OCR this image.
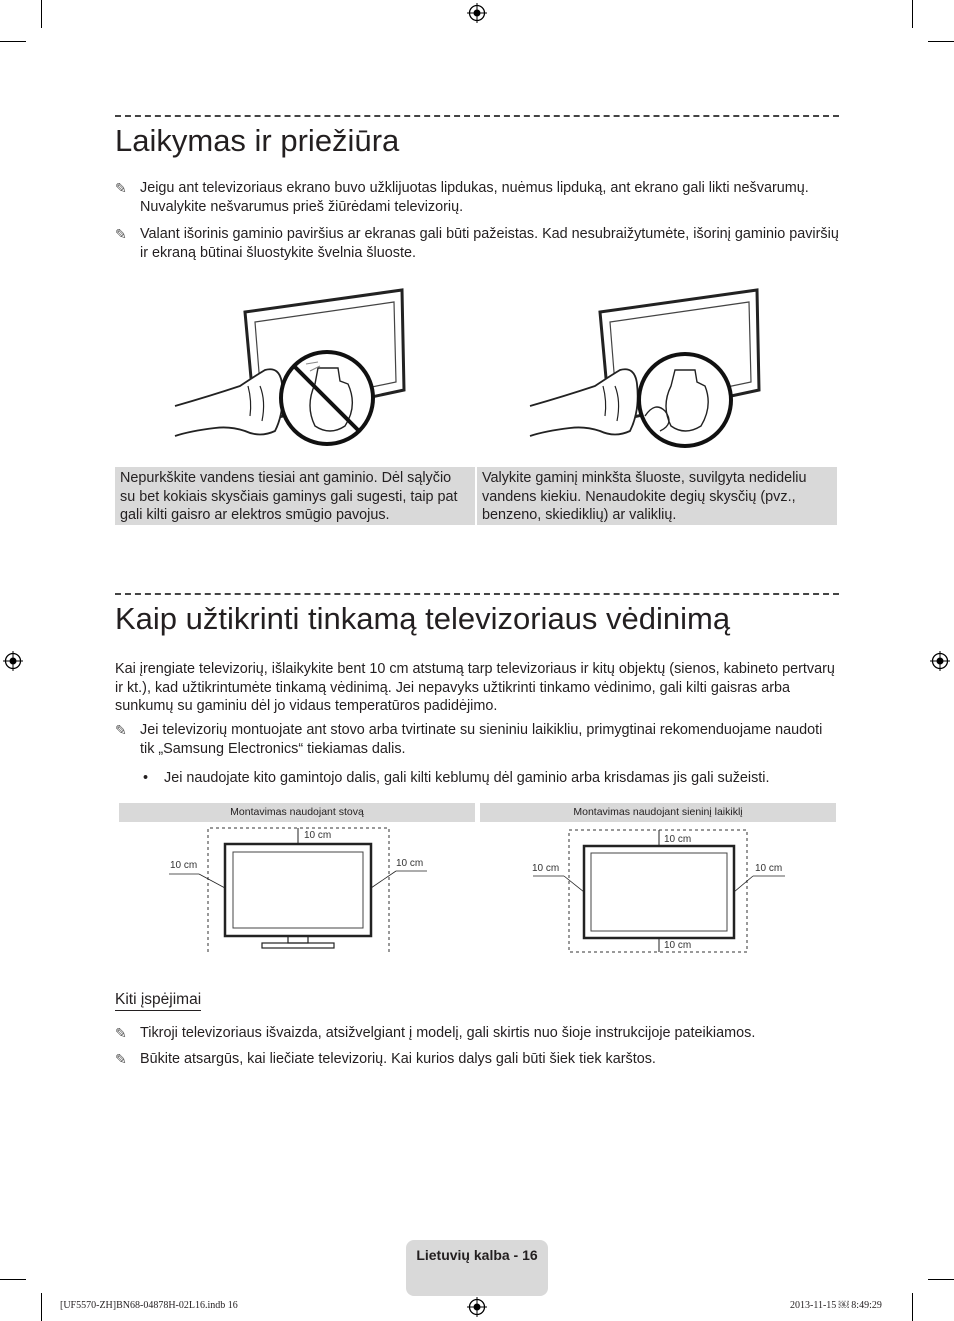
Laikymas ir priežiūra
✎ Jeigu ant televizoriaus ekrano buvo užklijuotas lipdukas, nuėmus lipduką, ant ekrano gali likti nešvarumų. Nuvalykite nešvarumus prieš žiūrėdami televizorių.
✎ Valant išorinis gaminio paviršius ar ekranas gali būti pažeistas. Kad nesubraižytumėte, išorinį gaminio paviršių ir ekraną būtinai šluostykite švelnia šluoste.
Nepurkškite vandens tiesiai ant gaminio. Dėl sąlyčio su bet kokiais skysčiais gaminys gali sugesti, taip pat gali kilti gaisro ar elektros smūgio pavojus.
Valykite gaminį minkšta šluoste, suvilgyta nedideliu vandens kiekiu. Nenaudokite degių skysčių (pvz., benzeno, skiediklių) ar valiklių.
Kaip užtikrinti tinkamą televizoriaus vėdinimą
Kai įrengiate televizorių, išlaikykite bent 10 cm atstumą tarp televizoriaus ir kitų objektų (sienos, kabineto pertvarų ir kt.), kad užtikrintumėte tinkamą vėdinimą. Jei nepavyks užtikrinti tinkamo vėdinimo, gali kilti gaisras arba sunkumų su gaminiu dėl jo vidaus temperatūros padidėjimo.
✎ Jei televizorių montuojate ant stovo arba tvirtinate su sieniniu laikikliu, primygtinai rekomenduojame naudoti tik „Samsung Electronics“ tiekiamas dalis.
• Jei naudojate kito gamintojo dalis, gali kilti keblumų dėl gaminio arba krisdamas jis gali sužeisti.
Montavimas naudojant stovą	Montavimas naudojant sieninį laikiklį
10 cm
10 cm	10 cm
10 cm
10 cm	10 cm
10 cm
Kiti įspėjimai
✎ Tikroji televizoriaus išvaizda, atsižvelgiant į modelį, gali skirtis nuo šioje instrukcijoje pateikiamos.
✎ Būkite atsargūs, kai liečiate televizorių. Kai kurios dalys gali būti šiek tiek karštos.
Lietuvių kalba - 16
[UF5570-ZH]BN68-04878H-02L16.indb 16	2013-11-15 ￼ 8:49:29
